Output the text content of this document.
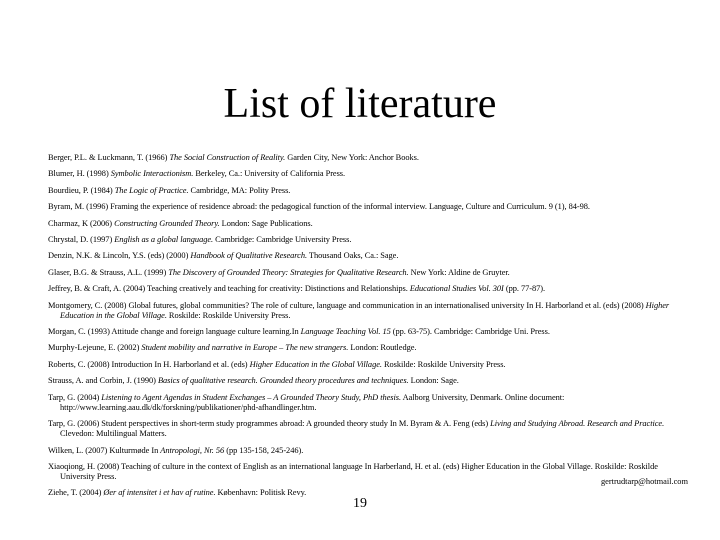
List of literature
Berger, P.L. & Luckmann, T. (1966) The Social Construction of Reality. Garden City, New York: Anchor Books.
Blumer, H. (1998) Symbolic Interactionism. Berkeley, Ca.: University of California Press.
Bourdieu, P. (1984) The Logic of Practice. Cambridge, MA: Polity Press.
Byram, M. (1996) Framing the experience of residence abroad: the pedagogical function of the informal interview. Language, Culture and Curriculum. 9 (1), 84-98.
Charmaz, K (2006) Constructing Grounded Theory. London: Sage Publications.
Chrystal, D. (1997) English as a global language. Cambridge: Cambridge University Press.
Denzin, N.K. & Lincoln, Y.S. (eds) (2000) Handbook of Qualitative Research. Thousand Oaks, Ca.: Sage.
Glaser, B.G. & Strauss, A.L. (1999) The Discovery of Grounded Theory: Strategies for Qualitative Research. New York: Aldine de Gruyter.
Jeffrey, B. & Craft, A. (2004) Teaching creatively and teaching for creativity: Distinctions and Relationships. Educational Studies Vol. 30I (pp. 77-87).
Montgomery, C. (2008) Global futures, global communities? The role of culture, language and communication in an internationalised university In H. Harborland et al. (eds) (2008) Higher Education in the Global Village. Roskilde: Roskilde University Press.
Morgan, C. (1993) Attitude change and foreign language culture learning.In Language Teaching Vol. 15 (pp. 63-75). Cambridge: Cambridge Uni. Press.
Murphy-Lejeune, E. (2002) Student mobility and narrative in Europe – The new strangers. London: Routledge.
Roberts, C. (2008) Introduction In H. Harborland et al. (eds) Higher Education in the Global Village. Roskilde: Roskilde University Press.
Strauss, A. and Corbin, J. (1990) Basics of qualitative research. Grounded theory procedures and techniques. London: Sage.
Tarp, G. (2004) Listening to Agent Agendas in Student Exchanges – A Grounded Theory Study, PhD thesis. Aalborg University, Denmark. Online document: http://www.learning.aau.dk/dk/forskning/publikationer/phd-afhandlinger.htm.
Tarp, G. (2006) Student perspectives in short-term study programmes abroad: A grounded theory study In M. Byram & A. Feng (eds) Living and Studying Abroad. Research and Practice. Clevedon: Multilingual Matters.
Wilken, L. (2007) Kulturmøde In Antropologi, Nr. 56 (pp 135-158, 245-246).
Xiaoqiong, H. (2008) Teaching of culture in the context of English as an international language In Harberland, H. et al. (eds) Higher Education in the Global Village. Roskilde: Roskilde University Press.
Ziehe, T. (2004) Øer af intensitet i et hav af rutine. København: Politisk Revy.
gertrudtarp@hotmail.com
19
